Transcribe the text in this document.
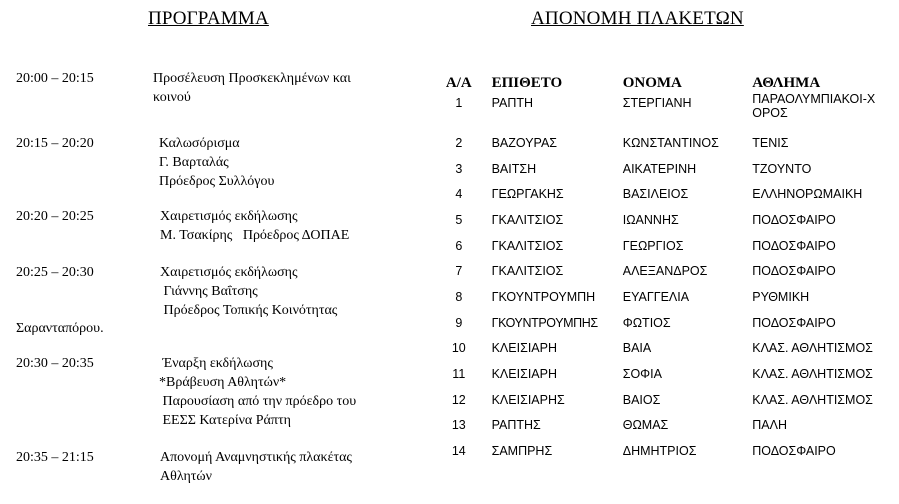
ΠΡΟΓΡΑΜΜΑ	ΑΠΟΝΟΜΗ ΠΛΑΚΕΤΩΝ
20:00 – 20:15	Προσέλευση Προσκεκλημένων και
κοινού
20:15 – 20:20	Καλωσόρισμα
Γ. Βαρταλάς
Πρόεδρος Συλλόγου
20:20 – 20:25	Χαιρετισμός εκδήλωσης
Μ. Τσακίρης   Πρόεδρος ΔΟΠΑΕ
20:25 – 20:30	Χαιρετισμός εκδήλωσης
Γιάννης Βαΐτσης
Πρόεδρος Τοπικής Κοινότητας
Σαρανταπόρου.
20:30 – 20:35	Έναρξη εκδήλωσης
*Βράβευση Αθλητών*
Παρουσίαση από την πρόεδρο του
ΕΕΣΣ Κατερίνα Ράπτη
20:35 – 21:15	Απονομή Αναμνηστικής πλακέτας
Αθλητών
Α/Α	ΕΠΙΘΕΤΟ	ΟΝΟΜΑ	ΑΘΛΗΜΑ
1	ΡΑΠΤΗ	ΣΤΕΡΓΙΑΝΗ	ΠΑΡΑΟΛΥΜΠΙΑΚΟΙ-ΧΟΡΟΣ
2	ΒΑΖΟΥΡΑΣ	ΚΩΝΣΤΑΝΤΙΝΟΣ	ΤΕΝΙΣ
3	ΒΑΙΤΣΗ	ΑΙΚΑΤΕΡΙΝΗ	ΤΖΟΥΝΤΟ
4	ΓΕΩΡΓΑΚΗΣ	ΒΑΣΙΛΕΙΟΣ	ΕΛΛΗΝΟΡΩΜΑΙΚΗ
5	ΓΚΑΛΙΤΣΙΟΣ	ΙΩΑΝΝΗΣ	ΠΟΔΟΣΦΑΙΡΟ
6	ΓΚΑΛΙΤΣΙΟΣ	ΓΕΩΡΓΙΟΣ	ΠΟΔΟΣΦΑΙΡΟ
7	ΓΚΑΛΙΤΣΙΟΣ	ΑΛΕΞΑΝΔΡΟΣ	ΠΟΔΟΣΦΑΙΡΟ
8	ΓΚΟΥΝΤΡΟΥΜΠΗ	ΕΥΑΓΓΕΛΙΑ	ΡΥΘΜΙΚΗ
9	ΓΚΟΥΝΤΡΟΥΜΠΗΣ	ΦΩΤΙΟΣ	ΠΟΔΟΣΦΑΙΡΟ
10	ΚΛΕΙΣΙΑΡΗ	ΒΑΙΑ	ΚΛΑΣ. ΑΘΛΗΤΙΣΜΟΣ
11	ΚΛΕΙΣΙΑΡΗ	ΣΟΦΙΑ	ΚΛΑΣ. ΑΘΛΗΤΙΣΜΟΣ
12	ΚΛΕΙΣΙΑΡΗΣ	ΒΑΙΟΣ	ΚΛΑΣ. ΑΘΛΗΤΙΣΜΟΣ
13	ΡΑΠΤΗΣ	ΘΩΜΑΣ	ΠΑΛΗ
14	ΣΑΜΠΡΗΣ	ΔΗΜΗΤΡΙΟΣ	ΠΟΔΟΣΦΑΙΡΟ
